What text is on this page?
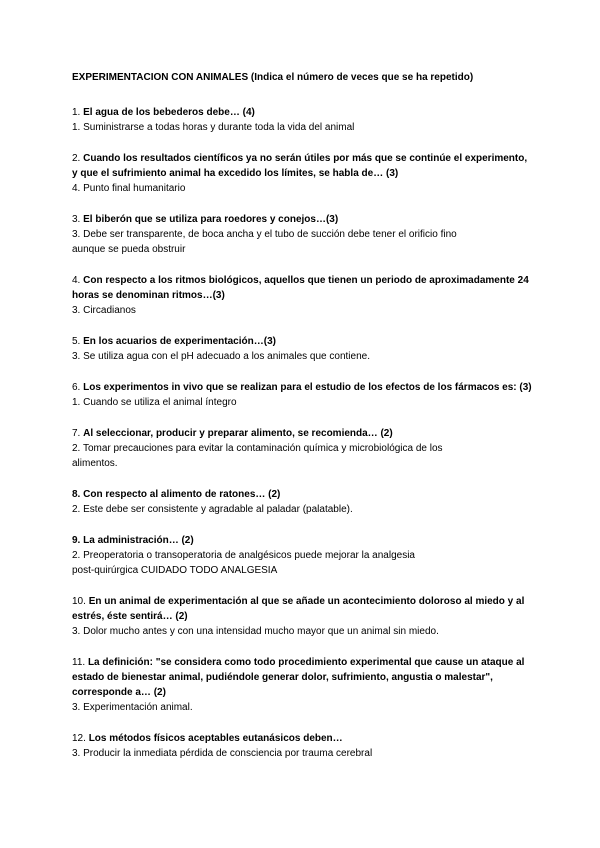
EXPERIMENTACION CON ANIMALES (Indica el número de veces que se ha repetido)

1. El agua de los bebederos debe… (4)

1. Suministrarse a todas horas y durante toda la vida del animal

2. Cuando los resultados científicos ya no serán útiles por más que se continúe el experimento, y que el sufrimiento animal ha excedido los límites, se habla de… (3)

4. Punto final humanitario

3. El biberón que se utiliza para roedores y conejos…(3)

3. Debe ser transparente, de boca ancha y el tubo de succión debe tener el orificio fino
aunque se pueda obstruir

4. Con respecto a los ritmos biológicos, aquellos que tienen un periodo de aproximadamente 24 horas se denominan ritmos…(3)

3. Circadianos

5. En los acuarios de experimentación…(3)

3. Se utiliza agua con el pH adecuado a los animales que contiene.

6. Los experimentos in vivo que se realizan para el estudio de los efectos de los fármacos es: (3)

1. Cuando se utiliza el animal íntegro

7. Al seleccionar, producir y preparar alimento, se recomienda… (2)

2. Tomar precauciones para evitar la contaminación química y microbiológica de los
alimentos.

8. Con respecto al alimento de ratones… (2)

2. Este debe ser consistente y agradable al paladar (palatable).

9. La administración… (2)

2. Preoperatoria o transoperatoria de analgésicos puede mejorar la analgesia
post-quirúrgica CUIDADO TODO ANALGESIA

10. En un animal de experimentación al que se añade un acontecimiento doloroso al miedo y al estrés, éste sentirá… (2)

3. Dolor mucho antes y con una intensidad mucho mayor que un animal sin miedo.

11. La definición: "se considera como todo procedimiento experimental que cause un ataque al estado de bienestar animal, pudiéndole generar dolor, sufrimiento, angustia o malestar", corresponde a… (2)

3. Experimentación animal.

12. Los métodos físicos aceptables eutanásicos deben…

3. Producir la inmediata pérdida de consciencia por trauma cerebral
